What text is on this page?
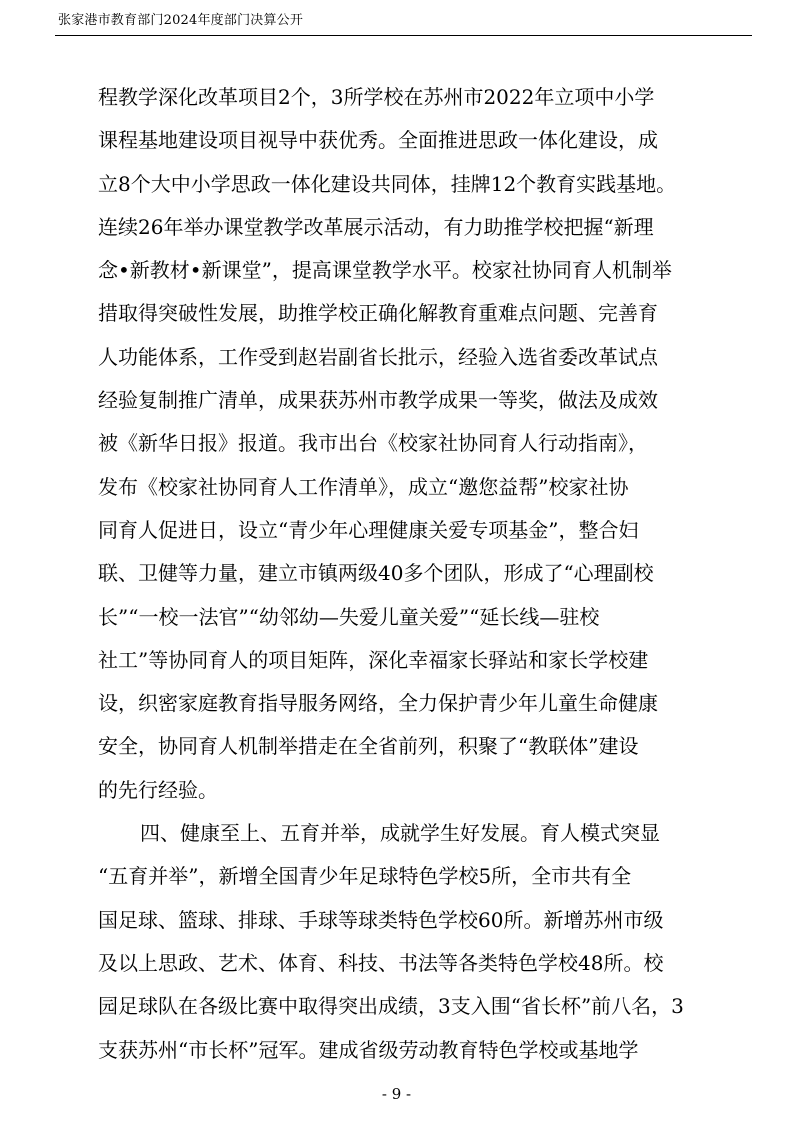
张家港市教育部门2024年度部门决算公开
程教学深化改革项目2个，3所学校在苏州市2022年立项中小学
课程基地建设项目视导中获优秀。全面推进思政一体化建设，成
立8个大中小学思政一体化建设共同体，挂牌12个教育实践基地。
连续26年举办课堂教学改革展示活动，有力助推学校把握“新理
念•新教材•新课堂”，提高课堂教学水平。校家社协同育人机制举
措取得突破性发展，助推学校正确化解教育重难点问题、完善育
人功能体系，工作受到赵岩副省长批示，经验入选省委改革试点
经验复制推广清单，成果获苏州市教学成果一等奖，做法及成效
被《新华日报》报道。我市出台《校家社协同育人行动指南》，
发布《校家社协同育人工作清单》，成立“邀您益帮”校家社协
同育人促进日，设立“青少年心理健康关爱专项基金”，整合妇
联、卫健等力量，建立市镇两级40多个团队，形成了“心理副校
长”“一校一法官”“幼邻幼—失爱儿童关爱”“延长线—驻校
社工”等协同育人的项目矩阵，深化幸福家长驿站和家长学校建
设，织密家庭教育指导服务网络，全力保护青少年儿童生命健康
安全，协同育人机制举措走在全省前列，积聚了“教联体”建设
的先行经验。
四、健康至上、五育并举，成就学生好发展。育人模式突显
“五育并举”，新增全国青少年足球特色学校5所，全市共有全
国足球、篮球、排球、手球等球类特色学校60所。新增苏州市级
及以上思政、艺术、体育、科技、书法等各类特色学校48所。校
园足球队在各级比赛中取得突出成绩，3支入围“省长杯”前八名，3
支获苏州“市长杯”冠军。建成省级劳动教育特色学校或基地学
- 9 -
